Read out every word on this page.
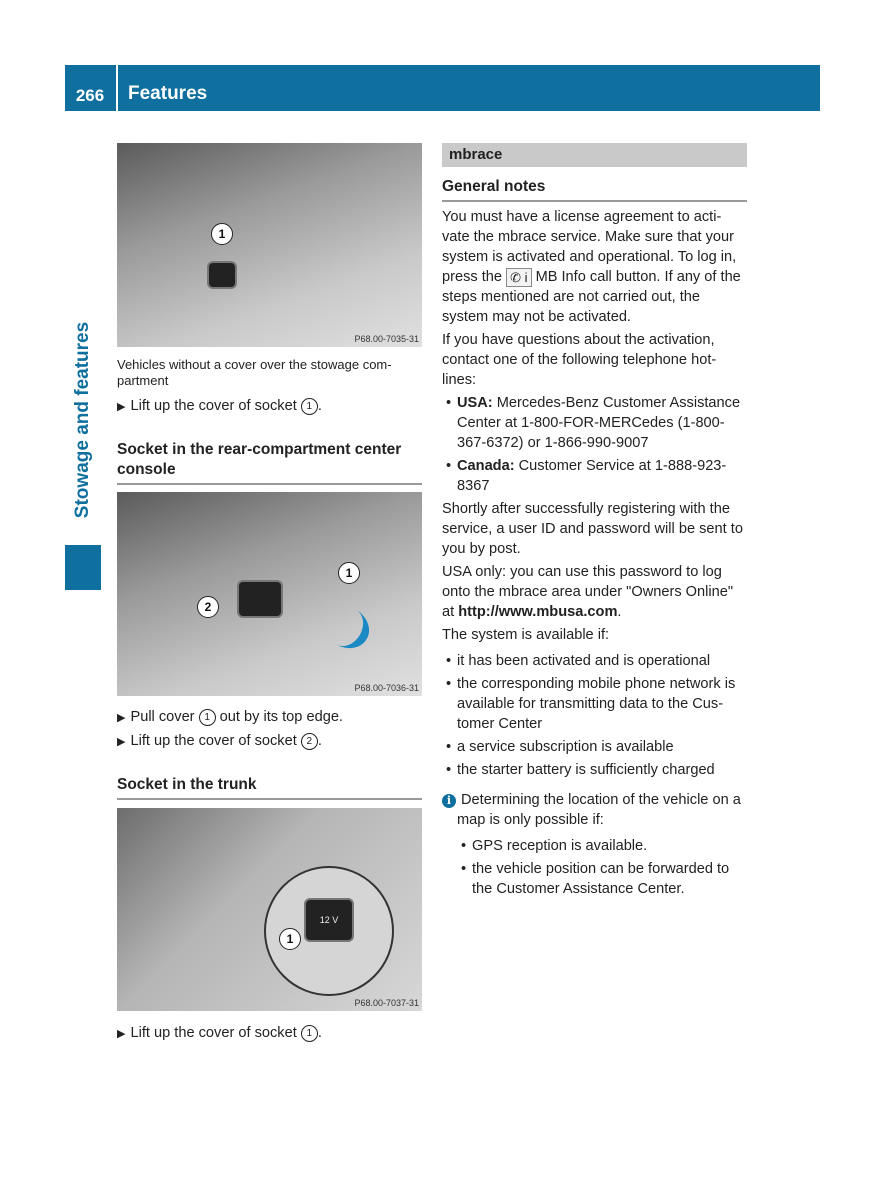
266	Features
Stowage and features
1
P68.00-7035-31

Vehicles without a cover over the stowage com-partment

▶ Lift up the cover of socket 1 .
Socket in the rear-compartment center console
2
1
P68.00-7036-31
▶ Pull cover 1 out by its top edge.
▶ Lift up the cover of socket 2 .
Socket in the trunk
12 V
1
P68.00-7037-31
▶ Lift up the cover of socket 1 .
mbrace
General notes

You must have a license agreement to acti-vate the mbrace service. Make sure that your system is activated and operational. To log in, press the ✆ i MB Info call button. If any of the steps mentioned are not carried out, the system may not be activated.

If you have questions about the activation, contact one of the following telephone hot-lines:

• USA: Mercedes-Benz Customer Assistance Center at 1-800-FOR-MERCedes (1-800-367-6372) or 1-866-990-9007
• Canada: Customer Service at 1-888-923-8367

Shortly after successfully registering with the service, a user ID and password will be sent to you by post.

USA only: you can use this password to log onto the mbrace area under "Owners Online" at http://www.mbusa.com.

The system is available if:

• it has been activated and is operational
• the corresponding mobile phone network is available for transmitting data to the Cus-tomer Center
• a service subscription is available
• the starter battery is sufficiently charged
i Determining the location of the vehicle on a map is only possible if:
• GPS reception is available.
• the vehicle position can be forwarded to the Customer Assistance Center.
